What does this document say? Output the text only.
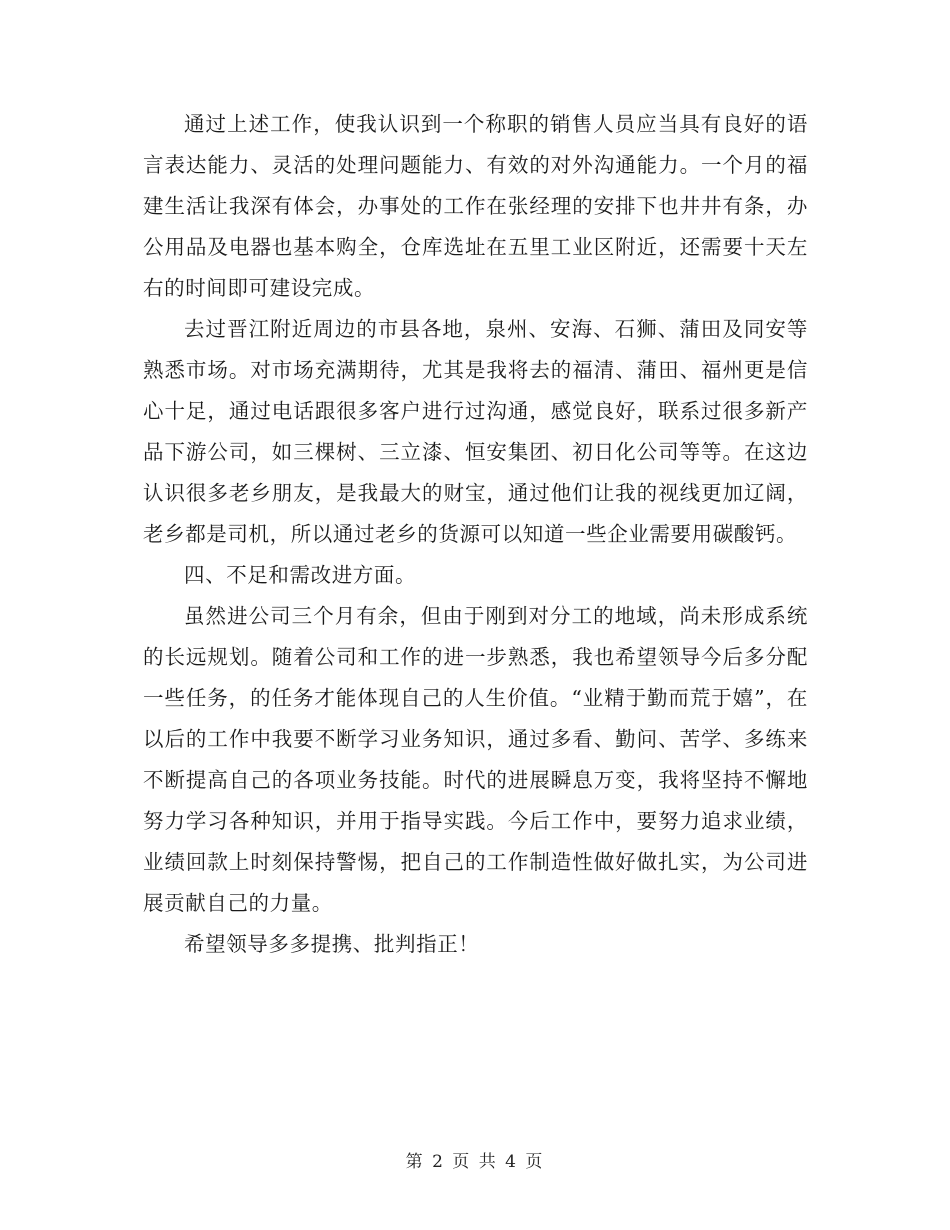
通过上述工作，使我认识到一个称职的销售人员应当具有良好的语言表达能力、灵活的处理问题能力、有效的对外沟通能力。一个月的福建生活让我深有体会，办事处的工作在张经理的安排下也井井有条，办公用品及电器也基本购全，仓库选址在五里工业区附近，还需要十天左右的时间即可建设完成。

去过晋江附近周边的市县各地，泉州、安海、石狮、蒲田及同安等熟悉市场。对市场充满期待，尤其是我将去的福清、蒲田、福州更是信心十足，通过电话跟很多客户进行过沟通，感觉良好，联系过很多新产品下游公司，如三棵树、三立漆、恒安集团、初日化公司等等。在这边认识很多老乡朋友，是我最大的财宝，通过他们让我的视线更加辽阔，老乡都是司机，所以通过老乡的货源可以知道一些企业需要用碳酸钙。

四、不足和需改进方面。

虽然进公司三个月有余，但由于刚到对分工的地域，尚未形成系统的长远规划。随着公司和工作的进一步熟悉，我也希望领导今后多分配一些任务，的任务才能体现自己的人生价值。“业精于勤而荒于嬉”，在以后的工作中我要不断学习业务知识，通过多看、勤问、苦学、多练来不断提高自己的各项业务技能。时代的进展瞬息万变，我将坚持不懈地努力学习各种知识，并用于指导实践。今后工作中，要努力追求业绩，业绩回款上时刻保持警惕，把自己的工作制造性做好做扎实，为公司进展贡献自己的力量。

希望领导多多提携、批判指正！

第 2 页 共 4 页
